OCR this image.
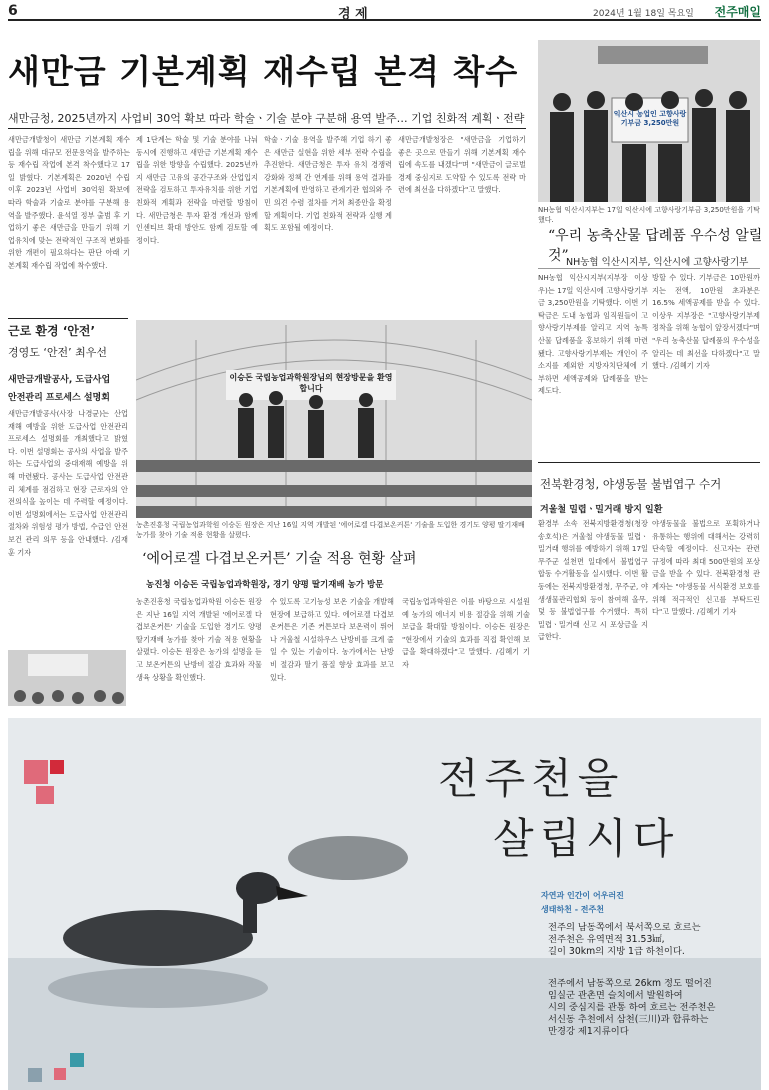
6	경 제	2024년 1월 18일 목요일 전주매일
새만금 기본계획 재수립 본격 착수
새만금청, 2025년까지 사업비 30억 확보 따라 학술ㆍ기술 분야 구분해 용역 발주… 기업 친화적 계획ㆍ전략
새만금개발청이 새만금 기본계획 재수립을 위해 대규모 전문용역을 발주하는 등 재수립 작업에 본격 착수했다고 17일 밝혔다. 기본계획은 2020년 수립 이후 2023년 사업비 30억원 확보에 따라 학술과 기술로 분야를 구분해 용역을 발주했다. 윤석열 정부 출범 후 기업하기 좋은 새만금을 만들기 위해 기업유치에 맞는 전략적인 구조적 변화를 위한 개편이 필요하다는 판단 아래 기본계획 재수립 작업에 착수했다.
제 1단계는 학술 및 기술 분야를 나눠 동시에 진행하고 새만금 기본계획 재수립을 위한 방향을 수립했다. 2025년까지 새만금 고유의 공간구조와 산업입지 전략을 검토하고 투자유치를 위한 기업 친화적 계획과 전략을 마련할 방침이다. 새만금청은 투자 환경 개선과 함께 인센티브 확대 방안도 함께 검토할 예정이다.
학술ㆍ기술 용역을 발주해 기업 하기 좋은 새만금 실현을 위한 세부 전략 수립을 추진한다. 새만금청은 투자 유치 경쟁력 강화와 정책 간 연계를 위해 용역 결과를 기본계획에 반영하고 관계기관 협의와 주민 의견 수렴 절차를 거쳐 최종안을 확정할 계획이다. 기업 친화적 전략과 실행 계획도 포함될 예정이다.
새만금개발청장은 "새만금을 기업하기 좋은 곳으로 만들기 위해 기본계획 재수립에 속도를 내겠다"며 "새만금이 글로벌 경제 중심지로 도약할 수 있도록 전략 마련에 최선을 다하겠다"고 말했다.
익산시 농업인 고향사랑 기부금 3,250만원
NH농협 익산시지부는 17일 익산시에 고향사랑기부금 3,250만원을 기탁했다.
“우리 농축산물 답례품 우수성 알릴 것”
NH농협 익산시지부, 익산시에 고향사랑기부
NH농협 익산시지부(지부장 이상우)는 17일 익산시에 고향사랑기부금 3,250만원을 기탁했다. 이번 기탁금은 도내 농협과 임직원들이 고향사랑기부제를 알리고 지역 농특산물 답례품을 홍보하기 위해 마련됐다. 고향사랑기부제는 개인이 주소지를 제외한 지방자치단체에 기부하면 세액공제와 답례품을 받는 제도다.
방할 수 있다. 기부금은 10만원까지는 전액, 10만원 초과분은 16.5% 세액공제를 받을 수 있다. 이상우 지부장은 "고향사랑기부제 정착을 위해 농협이 앞장서겠다"며 "우리 농축산물 답례품의 우수성을 알리는 데 최선을 다하겠다"고 말했다. /김혜기 기자
근로 환경 ‘안전’
경영도 ‘안전’ 최우선
새만금개발공사, 도급사업
안전관리 프로세스 설명회
새만금개발공사(사장 나경균)는 산업재해 예방을 위한 도급사업 안전관리 프로세스 설명회를 개최했다고 밝혔다. 이번 설명회는 공사의 사업을 발주하는 도급사업의 중대재해 예방을 위해 마련됐다. 공사는 도급사업 안전관리 체계를 점검하고 현장 근로자의 안전의식을 높이는 데 주력할 예정이다. 이번 설명회에서는 도급사업 안전관리 절차와 위험성 평가 방법, 수급인 안전보건 관리 의무 등을 안내했다. /김재훈 기자
이승돈 국립농업과학원장님의 현장방문을 환영합니다
농촌진흥청 국립농업과학원 이승돈 원장은 지난 16일 지역 개발된 '에어로겔 다겹보온커튼' 기술을 도입한 경기도 양평 딸기재배 농가를 찾아 기술 적용 현황을 살폈다.
‘에어로겔 다겹보온커튼’ 기술 적용 현황 살펴
농진청 이승돈 국립농업과학원장, 경기 양평 딸기재배 농가 방문
농촌진흥청 국립농업과학원 이승돈 원장은 지난 16일 지역 개발된 '에어로겔 다겹보온커튼' 기술을 도입한 경기도 양평 딸기재배 농가를 찾아 기술 적용 현황을 살폈다. 이승돈 원장은 농가의 설명을 듣고 보온커튼의 난방비 절감 효과와 작물 생육 상황을 확인했다.
수 있도록 고기능성 보온 기술을 개발해 현장에 보급하고 있다. 에어로겔 다겹보온커튼은 기존 커튼보다 보온력이 뛰어나 겨울철 시설하우스 난방비를 크게 줄일 수 있는 기술이다. 농가에서는 난방비 절감과 딸기 품질 향상 효과를 보고 있다.
국립농업과학원은 이를 바탕으로 시설원예 농가의 에너지 비용 절감을 위해 기술 보급을 확대할 방침이다. 이승돈 원장은 "현장에서 기술의 효과를 직접 확인해 보급을 확대하겠다"고 말했다. /김혜기 기자
전북환경청, 야생동물 불법엽구 수거
겨울철 밀렵ㆍ밀거래 방지 일환
환경부 소속 전북지방환경청(청장 송호석)은 겨울철 야생동물 밀렵ㆍ밀거래 행위를 예방하기 위해 17일 무주군 설천면 일대에서 불법엽구 합동 수거활동을 실시했다. 이번 활동에는 전북지방환경청, 무주군, 야생생물관리협회 등이 참여해 올무, 덫 등 불법엽구를 수거했다. 특히 밀렵ㆍ밀거래 신고 시 포상금을 지급한다.
야생동물을 불법으로 포획하거나 유통하는 행위에 대해서는 강력히 단속할 예정이다. 신고자는 관련 규정에 따라 최대 500만원의 포상금을 받을 수 있다. 전북환경청 관계자는 "야생동물 서식환경 보호를 위해 적극적인 신고를 부탁드린다"고 말했다. /김혜기 기자
전주천을
살립시다
자연과 인간이 어우러진
생태하천 - 전주천
전주의 남동쪽에서 북서쪽으로 흐르는
전주천은 유역면적 31.53㎢,
길이 30km의 지방 1급 하천이다.
전주에서 남동쪽으로 26km 정도 떨어진
임실군 관촌면 슬치에서 발원하여
시의 중심지를 관통 하여 흐르는 전주천은
서신동 추천에서 삼천(三川)과 합류하는
만경강 제1지류이다
